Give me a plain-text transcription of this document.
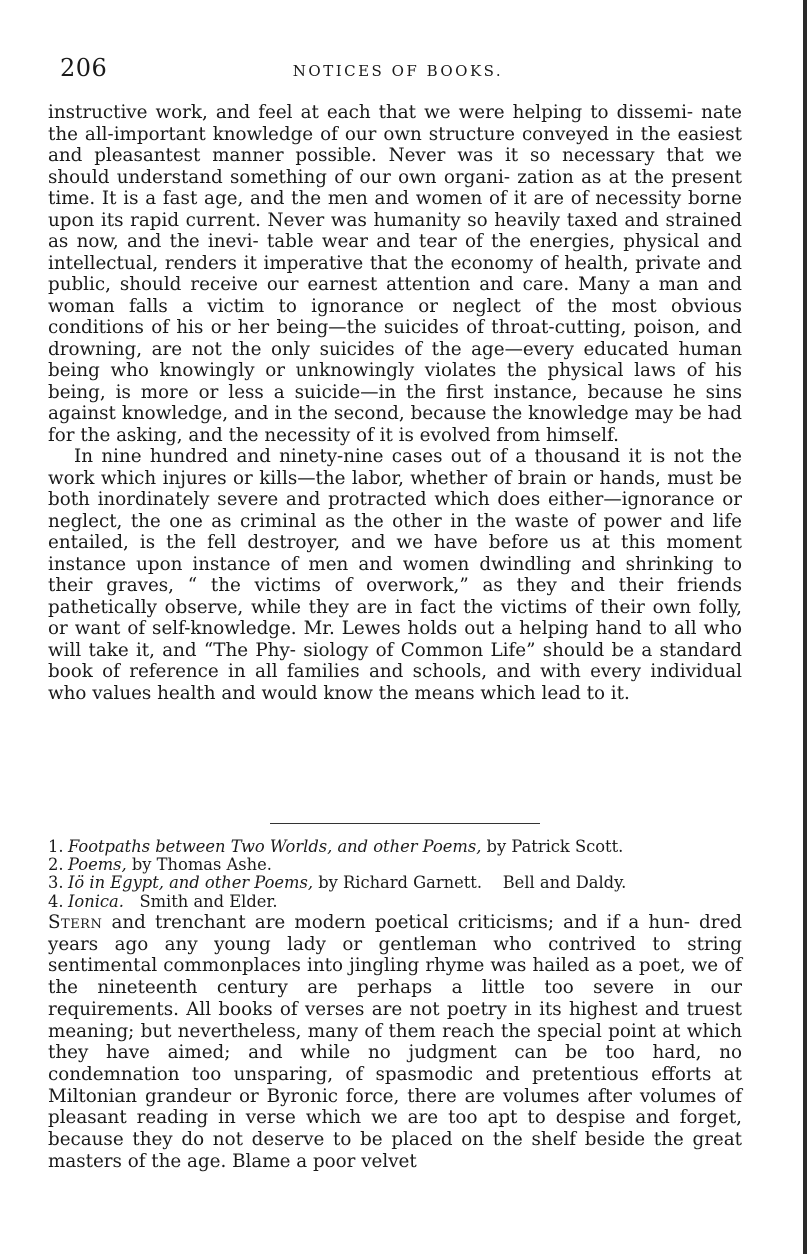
206	NOTICES OF BOOKS.

instructive work, and feel at each that we were helping to dissemi- nate the all-important knowledge of our own structure conveyed in the easiest and pleasantest manner possible. Never was it so necessary that we should understand something of our own organi- zation as at the present time. It is a fast age, and the men and women of it are of necessity borne upon its rapid current. Never was humanity so heavily taxed and strained as now, and the inevi- table wear and tear of the energies, physical and intellectual, renders it imperative that the economy of health, private and public, should receive our earnest attention and care. Many a man and woman falls a victim to ignorance or neglect of the most obvious conditions of his or her being—the suicides of throat-cutting, poison, and drowning, are not the only suicides of the age—every educated human being who knowingly or unknowingly violates the physical laws of his being, is more or less a suicide—in the first instance, because he sins against knowledge, and in the second, because the knowledge may be had for the asking, and the necessity of it is evolved from himself.

In nine hundred and ninety-nine cases out of a thousand it is not the work which injures or kills—the labor, whether of brain or hands, must be both inordinately severe and protracted which does either—ignorance or neglect, the one as criminal as the other in the waste of power and life entailed, is the fell destroyer, and we have before us at this moment instance upon instance of men and women dwindling and shrinking to their graves, “ the victims of overwork,” as they and their friends pathetically observe, while they are in fact the victims of their own folly, or want of self-knowledge. Mr. Lewes holds out a helping hand to all who will take it, and “The Phy- siology of Common Life” should be a standard book of reference in all families and schools, and with every individual who values health and would know the means which lead to it.

1. Footpaths between Two Worlds, and other Poems, by Patrick Scott.
2. Poems, by Thomas Ashe.
3. Iö in Egypt, and other Poems, by Richard Garnett.    Bell and Daldy.
4. Ionica.   Smith and Elder.

Stern and trenchant are modern poetical criticisms; and if a hun- dred years ago any young lady or gentleman who contrived to string sentimental commonplaces into jingling rhyme was hailed as a poet, we of the nineteenth century are perhaps a little too severe in our requirements. All books of verses are not poetry in its highest and truest meaning; but nevertheless, many of them reach the special point at which they have aimed; and while no judgment can be too hard, no condemnation too unsparing, of spasmodic and pretentious efforts at Miltonian grandeur or Byronic force, there are volumes after volumes of pleasant reading in verse which we are too apt to despise and forget, because they do not deserve to be placed on the shelf beside the great masters of the age. Blame a poor velvet
